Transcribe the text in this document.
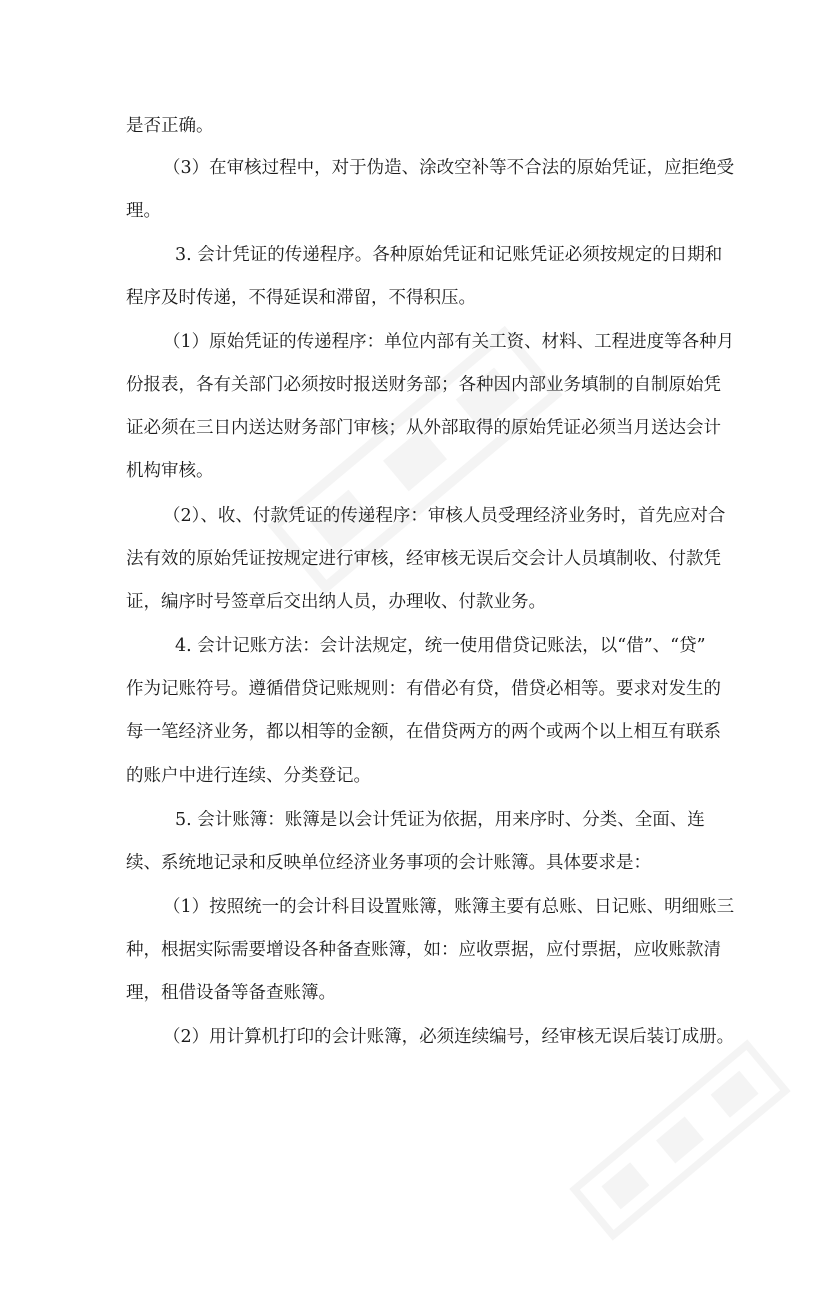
是否正确。
（3）在审核过程中，对于伪造、涂改空补等不合法的原始凭证，应拒绝受
理。
3. 会计凭证的传递程序。各种原始凭证和记账凭证必须按规定的日期和
程序及时传递，不得延误和滞留，不得积压。
（1）原始凭证的传递程序：单位内部有关工资、材料、工程进度等各种月
份报表，各有关部门必须按时报送财务部；各种因内部业务填制的自制原始凭
证必须在三日内送达财务部门审核；从外部取得的原始凭证必须当月送达会计
机构审核。
（2）、收、付款凭证的传递程序：审核人员受理经济业务时，首先应对合
法有效的原始凭证按规定进行审核，经审核无误后交会计人员填制收、付款凭
证，编序时号签章后交出纳人员，办理收、付款业务。
4. 会计记账方法：会计法规定，统一使用借贷记账法，以“借”、“贷”
作为记账符号。遵循借贷记账规则：有借必有贷，借贷必相等。要求对发生的
每一笔经济业务，都以相等的金额，在借贷两方的两个或两个以上相互有联系
的账户中进行连续、分类登记。
5. 会计账簿：账簿是以会计凭证为依据，用来序时、分类、全面、连
续、系统地记录和反映单位经济业务事项的会计账簿。具体要求是：
（1）按照统一的会计科目设置账簿，账簿主要有总账、日记账、明细账三
种，根据实际需要增设各种备查账簿，如：应收票据，应付票据，应收账款清
理，租借设备等备查账簿。
（2）用计算机打印的会计账簿，必须连续编号，经审核无误后装订成册。
